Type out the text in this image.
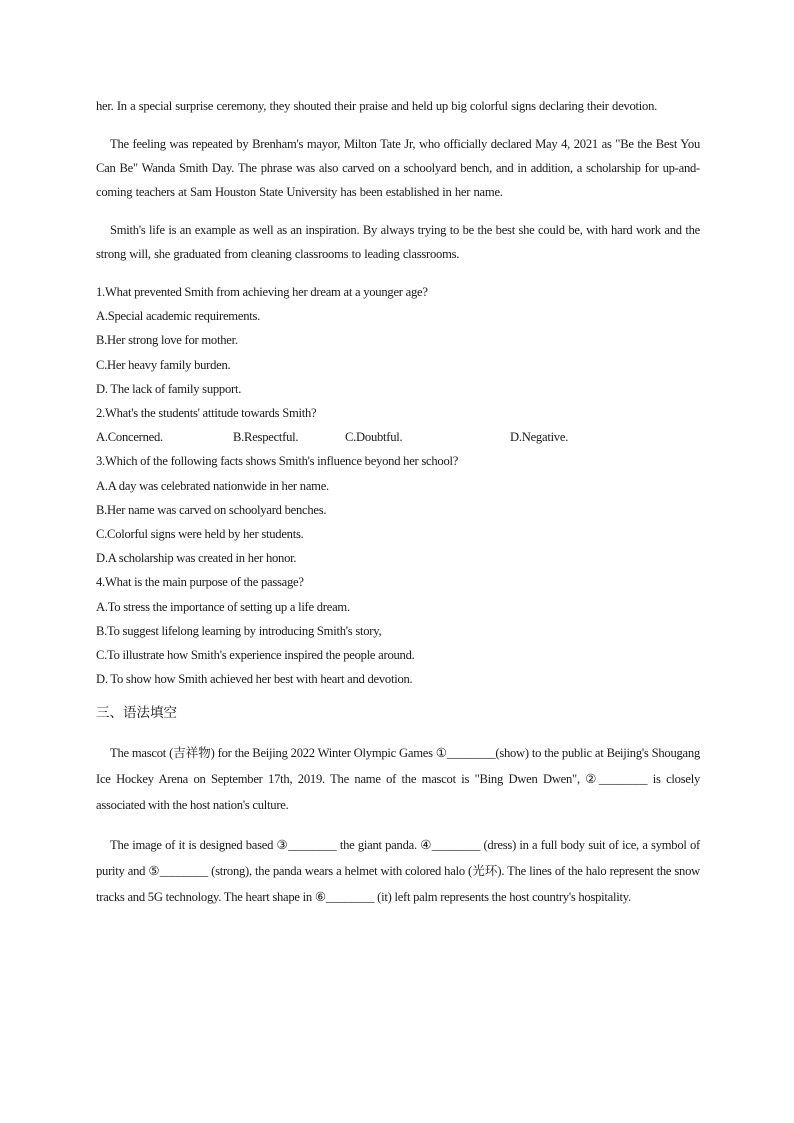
her. In a special surprise ceremony, they shouted their praise and held up big colorful signs declaring their devotion.

The feeling was repeated by Brenham's mayor, Milton Tate Jr, who officially declared May 4, 2021 as "Be the Best You Can Be" Wanda Smith Day. The phrase was also carved on a schoolyard bench, and in addition, a scholarship for up-and-coming teachers at Sam Houston State University has been established in her name.

Smith's life is an example as well as an inspiration. By always trying to be the best she could be, with hard work and the strong will, she graduated from cleaning classrooms to leading classrooms.

1.What prevented Smith from achieving her dream at a younger age?
A.Special academic requirements.
B.Her strong love for mother.
C.Her heavy family burden.
D. The lack of family support.
2.What's the students' attitude towards Smith?
A.Concerned.	B.Respectful.	C.Doubtful.	D.Negative.
3.Which of the following facts shows Smith's influence beyond her school?
A.A day was celebrated nationwide in her name.
B.Her name was carved on schoolyard benches.
C.Colorful signs were held by her students.
D.A scholarship was created in her honor.
4.What is the main purpose of the passage?
A.To stress the importance of setting up a life dream.
B.To suggest lifelong learning by introducing Smith's story,
C.To illustrate how Smith's experience inspired the people around.
D. To show how Smith achieved her best with heart and devotion.
三、语法填空

The mascot (吉祥物) for the Beijing 2022 Winter Olympic Games ①________(show) to the public at Beijing's Shougang Ice Hockey Arena on September 17th, 2019. The name of the mascot is "Bing Dwen Dwen", ②________ is closely associated with the host nation's culture.

The image of it is designed based ③________ the giant panda. ④________ (dress) in a full body suit of ice, a symbol of purity and ⑤________ (strong), the panda wears a helmet with colored halo (光环). The lines of the halo represent the snow tracks and 5G technology. The heart shape in ⑥________ (it) left palm represents the host country's hospitality.
